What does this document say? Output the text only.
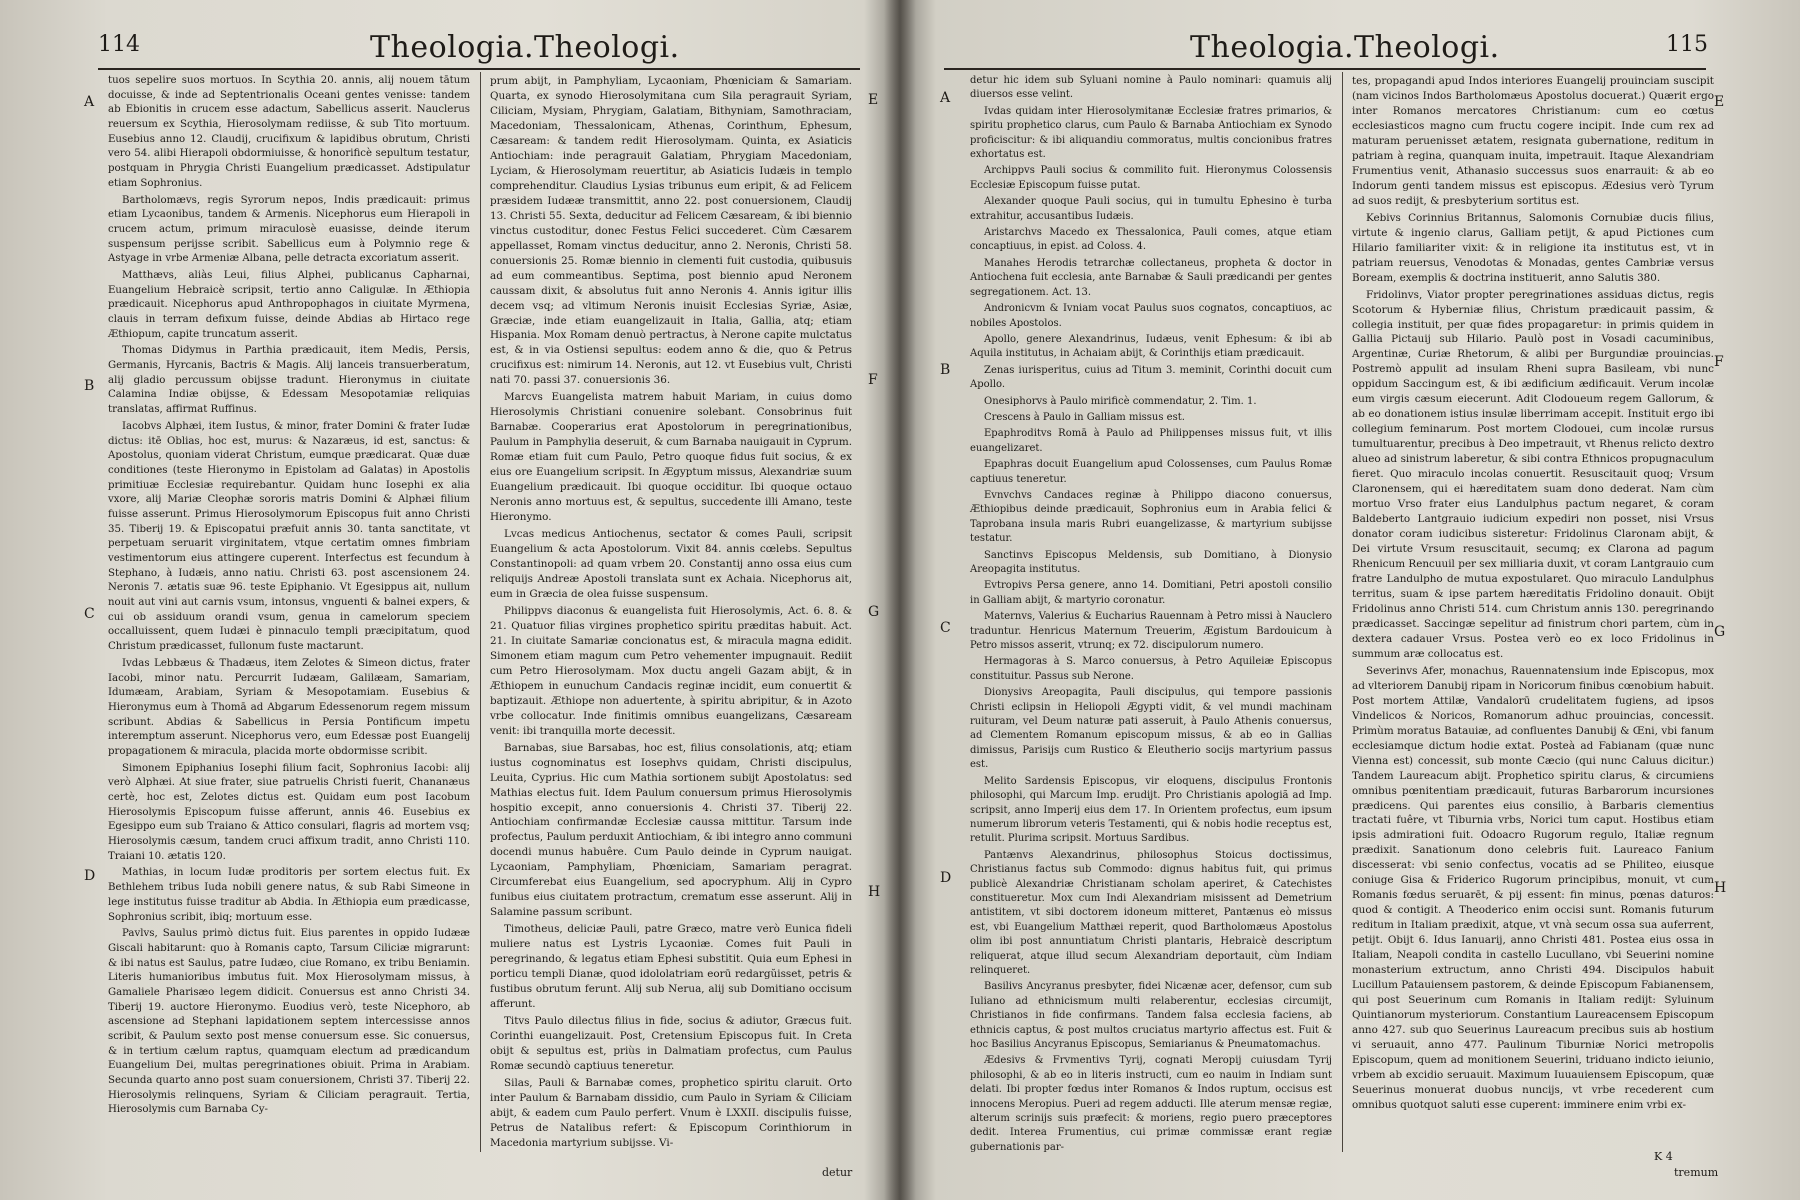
114	Theologia.Theologi.
A
B
C
D
E
F
G
H

tuos sepelire suos mortuos. In Scythia 20. annis, alij nouem tātum docuisse, & inde ad Septentrionalis Oceani gentes venisse: tandem ab Ebionitis in crucem esse adactum, Sabellicus asserit. Nauclerus reuersum ex Scythia, Hierosolymam rediisse, & sub Tito mortuum. Eusebius anno 12. Claudij, crucifixum & lapidibus obrutum, Christi vero 54. alibi Hierapoli obdormiuisse, & honorificè sepultum testatur, postquam in Phrygia Christi Euangelium prædicasset. Adstipulatur etiam Sophronius.

Bartholomævs, regis Syrorum nepos, Indis prædicauit: primus etiam Lycaonibus, tandem & Armenis. Nicephorus eum Hierapoli in crucem actum, primum miraculosè euasisse, deinde iterum suspensum perijsse scribit. Sabellicus eum à Polymnio rege & Astyage in vrbe Armeniæ Albana, pelle detracta excoriatum asserit.

Matthævs, aliàs Leui, filius Alphei, publicanus Capharnai, Euangelium Hebraicè scripsit, tertio anno Caligulæ. In Æthiopia prædicauit. Nicephorus apud Anthropophagos in ciuitate Myrmena, clauis in terram defixum fuisse, deinde Abdias ab Hirtaco rege Æthiopum, capite truncatum asserit.

Thomas Didymus in Parthia prædicauit, item Medis, Persis, Germanis, Hyrcanis, Bactris & Magis. Alij lanceis transuerberatum, alij gladio percussum obijsse tradunt. Hieronymus in ciuitate Calamina Indiæ obijsse, & Edessam Mesopotamiæ reliquias translatas, affirmat Ruffinus.

Iacobvs Alphæi, item Iustus, & minor, frater Domini & frater Iudæ dictus: itē Oblias, hoc est, murus: & Nazaræus, id est, sanctus: & Apostolus, quoniam viderat Christum, eumque prædicarat. Quæ duæ conditiones (teste Hieronymo in Epistolam ad Galatas) in Apostolis primitiuæ Ecclesiæ requirebantur. Quidam hunc Iosephi ex alia vxore, alij Mariæ Cleophæ sororis matris Domini & Alphæi filium fuisse asserunt. Primus Hierosolymorum Episcopus fuit anno Christi 35. Tiberij 19. & Episcopatui præfuit annis 30. tanta sanctitate, vt perpetuam seruarit virginitatem, vtque certatim omnes fimbriam vestimentorum eius attingere cuperent. Interfectus est fecundum à Stephano, à Iudæis, anno natiu. Christi 63. post ascensionem 24. Neronis 7. ætatis suæ 96. teste Epiphanio. Vt Egesippus ait, nullum nouit aut vini aut carnis vsum, intonsus, vnguenti & balnei expers, & cui ob assiduum orandi vsum, genua in camelorum speciem occalluissent, quem Iudæi è pinnaculo templi præcipitatum, quod Christum prædicasset, fullonum fuste mactarunt.

Ivdas Lebbæus & Thadæus, item Zelotes & Simeon dictus, frater Iacobi, minor natu. Percurrit Iudæam, Galilæam, Samariam, Idumæam, Arabiam, Syriam & Mesopotamiam. Eusebius & Hieronymus eum à Thomā ad Abgarum Edessenorum regem missum scribunt. Abdias & Sabellicus in Persia Pontificum impetu interemptum asserunt. Nicephorus vero, eum Edessæ post Euangelij propagationem & miracula, placida morte obdormisse scribit.

Simonem Epiphanius Iosephi filium facit, Sophronius Iacobi: alij verò Alphæi. At siue frater, siue patruelis Christi fuerit, Chananæus certè, hoc est, Zelotes dictus est. Quidam eum post Iacobum Hierosolymis Episcopum fuisse afferunt, annis 46. Eusebius ex Egesippo eum sub Traiano & Attico consulari, flagris ad mortem vsq; Hierosolymis cæsum, tandem cruci affixum tradit, anno Christi 110. Traiani 10. ætatis 120.

Mathias, in locum Iudæ proditoris per sortem electus fuit. Ex Bethlehem tribus Iuda nobili genere natus, & sub Rabi Simeone in lege institutus fuisse traditur ab Abdia. In Æthiopia eum prædicasse, Sophronius scribit, ibiq; mortuum esse.

Pavlvs, Saulus primò dictus fuit. Eius parentes in oppido Iudææ Giscali habitarunt: quo à Romanis capto, Tarsum Ciliciæ migrarunt: & ibi natus est Saulus, patre Iudæo, ciue Romano, ex tribu Beniamin. Literis humanioribus imbutus fuit. Mox Hierosolymam missus, à Gamaliele Pharisæo legem didicit. Conuersus est anno Christi 34. Tiberij 19. auctore Hieronymo. Euodius verò, teste Nicephoro, ab ascensione ad Stephani lapidationem septem intercessisse annos scribit, & Paulum sexto post mense conuersum esse. Sic conuersus, & in tertium cælum raptus, quamquam electum ad prædicandum Euangelium Dei, multas peregrinationes obiuit. Prima in Arabiam. Secunda quarto anno post suam conuersionem, Christi 37. Tiberij 22. Hierosolymis relinquens, Syriam & Ciliciam peragrauit. Tertia, Hierosolymis cum Barnaba Cy-

prum abijt, in Pamphyliam, Lycaoniam, Phœniciam & Samariam. Quarta, ex synodo Hierosolymitana cum Sila peragrauit Syriam, Ciliciam, Mysiam, Phrygiam, Galatiam, Bithyniam, Samothraciam, Macedoniam, Thessalonicam, Athenas, Corinthum, Ephesum, Cæsaream: & tandem redit Hierosolymam. Quinta, ex Asiaticis Antiochiam: inde peragrauit Galatiam, Phrygiam Macedoniam, Lyciam, & Hierosolymam reuertitur, ab Asiaticis Iudæis in templo comprehenditur. Claudius Lysias tribunus eum eripit, & ad Felicem præsidem Iudææ transmittit, anno 22. post conuersionem, Claudij 13. Christi 55. Sexta, deducitur ad Felicem Cæsaream, & ibi biennio vinctus custoditur, donec Festus Felici succederet. Cùm Cæsarem appellasset, Romam vinctus deducitur, anno 2. Neronis, Christi 58. conuersionis 25. Romæ biennio in clementi fuit custodia, quibusuis ad eum commeantibus. Septima, post biennio apud Neronem caussam dixit, & absolutus fuit anno Neronis 4. Annis igitur illis decem vsq; ad vltimum Neronis inuisit Ecclesias Syriæ, Asiæ, Græciæ, inde etiam euangelizauit in Italia, Gallia, atq; etiam Hispania. Mox Romam denuò pertractus, à Nerone capite mulctatus est, & in via Ostiensi sepultus: eodem anno & die, quo & Petrus crucifixus est: nimirum 14. Neronis, aut 12. vt Eusebius vult, Christi nati 70. passi 37. conuersionis 36.

Marcvs Euangelista matrem habuit Mariam, in cuius domo Hierosolymis Christiani conuenire solebant. Consobrinus fuit Barnabæ. Cooperarius erat Apostolorum in peregrinationibus, Paulum in Pamphylia deseruit, & cum Barnaba nauigauit in Cyprum. Romæ etiam fuit cum Paulo, Petro quoque fidus fuit socius, & ex eius ore Euangelium scripsit. In Ægyptum missus, Alexandriæ suum Euangelium prædicauit. Ibi quoque occiditur. Ibi quoque octauo Neronis anno mortuus est, & sepultus, succedente illi Amano, teste Hieronymo.

Lvcas medicus Antiochenus, sectator & comes Pauli, scripsit Euangelium & acta Apostolorum. Vixit 84. annis cœlebs. Sepultus Constantinopoli: ad quam vrbem 20. Constantij anno ossa eius cum reliquijs Andreæ Apostoli translata sunt ex Achaia. Nicephorus ait, eum in Græcia de olea fuisse suspensum.

Philippvs diaconus & euangelista fuit Hierosolymis, Act. 6. 8. & 21. Quatuor filias virgines prophetico spiritu præditas habuit. Act. 21. In ciuitate Samariæ concionatus est, & miracula magna edidit. Simonem etiam magum cum Petro vehementer impugnauit. Rediit cum Petro Hierosolymam. Mox ductu angeli Gazam abijt, & in Æthiopem in eunuchum Candacis reginæ incidit, eum conuertit & baptizauit. Æthiope non aduertente, à spiritu abripitur, & in Azoto vrbe collocatur. Inde finitimis omnibus euangelizans, Cæsaream venit: ibi tranquilla morte decessit.

Barnabas, siue Barsabas, hoc est, filius consolationis, atq; etiam iustus cognominatus est Iosephvs quidam, Christi discipulus, Leuita, Cyprius. Hic cum Mathia sortionem subijt Apostolatus: sed Mathias electus fuit. Idem Paulum conuersum primus Hierosolymis hospitio excepit, anno conuersionis 4. Christi 37. Tiberij 22. Antiochiam confirmandæ Ecclesiæ caussa mittitur. Tarsum inde profectus, Paulum perduxit Antiochiam, & ibi integro anno communi docendi munus habuêre. Cum Paulo deinde in Cyprum nauigat. Lycaoniam, Pamphyliam, Phœniciam, Samariam peragrat. Circumferebat eius Euangelium, sed apocryphum. Alij in Cypro funibus eius ciuitatem protractum, crematum esse asserunt. Alij in Salamine passum scribunt.

Timotheus, deliciæ Pauli, patre Græco, matre verò Eunica fideli muliere natus est Lystris Lycaoniæ. Comes fuit Pauli in peregrinando, & legatus etiam Ephesi substitit. Quia eum Ephesi in porticu templi Dianæ, quod idololatriam eorū redargŭisset, petris & fustibus obrutum ferunt. Alij sub Nerua, alij sub Domitiano occisum afferunt.

Titvs Paulo dilectus filius in fide, socius & adiutor, Græcus fuit. Corinthi euangelizauit. Post, Cretensium Episcopus fuit. In Creta obijt & sepultus est, priùs in Dalmatiam profectus, cum Paulus Romæ secundò captiuus teneretur.

Silas, Pauli & Barnabæ comes, prophetico spiritu claruit. Orto inter Paulum & Barnabam dissidio, cum Paulo in Syriam & Ciliciam abijt, & eadem cum Paulo perfert. Vnum è LXXII. discipulis fuisse, Petrus de Natalibus refert: & Episcopum Corinthiorum in Macedonia martyrium subijsse. Vi-

detur
Theologia.Theologi.	115
A
B
C
D
E
F
G
H

detur hic idem sub Syluani nomine à Paulo nominari: quamuis alij diuersos esse velint.

Ivdas quidam inter Hierosolymitanæ Ecclesiæ fratres primarios, & spiritu prophetico clarus, cum Paulo & Barnaba Antiochiam ex Synodo proficiscitur: & ibi aliquandiu commoratus, multis concionibus fratres exhortatus est.

Archippvs Pauli socius & commilito fuit. Hieronymus Colossensis Ecclesiæ Episcopum fuisse putat.

Alexander quoque Pauli socius, qui in tumultu Ephesino è turba extrahitur, accusantibus Iudæis.

Aristarchvs Macedo ex Thessalonica, Pauli comes, atque etiam concaptiuus, in epist. ad Coloss. 4.

Manahes Herodis tetrarchæ collectaneus, propheta & doctor in Antiochena fuit ecclesia, ante Barnabæ & Sauli prædicandi per gentes segregationem. Act. 13.

Andronicvm & Ivniam vocat Paulus suos cognatos, concaptiuos, ac nobiles Apostolos.

Apollo, genere Alexandrinus, Iudæus, venit Ephesum: & ibi ab Aquila institutus, in Achaiam abijt, & Corinthijs etiam prædicauit.

Zenas iurisperitus, cuius ad Titum 3. meminit, Corinthi docuit cum Apollo.

Onesiphorvs à Paulo mirificè commendatur, 2. Tim. 1.

Crescens à Paulo in Galliam missus est.

Epaphroditvs Romā à Paulo ad Philippenses missus fuit, vt illis euangelizaret.

Epaphras docuit Euangelium apud Colossenses, cum Paulus Romæ captiuus teneretur.

Evnvchvs Candaces reginæ à Philippo diacono conuersus, Æthiopibus deinde prædicauit, Sophronius eum in Arabia felici & Taprobana insula maris Rubri euangelizasse, & martyrium subijsse testatur.

Sanctinvs Episcopus Meldensis, sub Domitiano, à Dionysio Areopagita institutus.

Evtropivs Persa genere, anno 14. Domitiani, Petri apostoli consilio in Galliam abijt, & martyrio coronatur.

Maternvs, Valerius & Eucharius Rauennam à Petro missi à Nauclero traduntur. Henricus Maternum Treuerim, Ægistum Bardouicum à Petro missos asserit, vtrunq; ex 72. discipulorum numero.

Hermagoras à S. Marco conuersus, à Petro Aquileiæ Episcopus constituitur. Passus sub Nerone.

Dionysivs Areopagita, Pauli discipulus, qui tempore passionis Christi eclipsin in Heliopoli Ægypti vidit, & vel mundi machinam ruituram, vel Deum naturæ pati asseruit, à Paulo Athenis conuersus, ad Clementem Romanum episcopum missus, & ab eo in Gallias dimissus, Parisijs cum Rustico & Eleutherio socijs martyrium passus est.

Melito Sardensis Episcopus, vir eloquens, discipulus Frontonis philosophi, qui Marcum Imp. erudijt. Pro Christianis apologiã ad Imp. scripsit, anno Imperij eius dem 17. In Orientem profectus, eum ipsum numerum librorum veteris Testamenti, qui & nobis hodie receptus est, retulit. Plurima scripsit. Mortuus Sardibus.

Pantænvs Alexandrinus, philosophus Stoicus doctissimus, Christianus factus sub Commodo: dignus habitus fuit, qui primus publicè Alexandriæ Christianam scholam aperiret, & Catechistes constitueretur. Mox cum Indi Alexandriam misissent ad Demetrium antistitem, vt sibi doctorem idoneum mitteret, Pantænus eò missus est, vbi Euangelium Matthæi reperit, quod Bartholomæus Apostolus olim ibi post annuntiatum Christi plantaris, Hebraicè descriptum reliquerat, atque illud secum Alexandriam deportauit, cùm Indiam relinqueret.

Basilivs Ancyranus presbyter, fidei Nicænæ acer, defensor, cum sub Iuliano ad ethnicismum multi relaberentur, ecclesias circumijt, Christianos in fide confirmans. Tandem falsa ecclesia faciens, ab ethnicis captus, & post multos cruciatus martyrio affectus est. Fuit & hoc Basilius Ancyranus Episcopus, Semiarianus & Pneumatomachus.

Ædesivs & Frvmentivs Tyrij, cognati Meropij cuiusdam Tyrij philosophi, & ab eo in literis instructi, cum eo nauim in Indiam sunt delati. Ibi propter fœdus inter Romanos & Indos ruptum, occisus est innocens Meropius. Pueri ad regem adducti. Ille aterum mensæ regiæ, alterum scrinijs suis præfecit: & moriens, regio puero præceptores dedit. Interea Frumentius, cui primæ commissæ erant regiæ gubernationis par-

tes, propagandi apud Indos interiores Euangelij prouinciam suscipit (nam vicinos Indos Bartholomæus Apostolus docuerat.) Quærit ergo inter Romanos mercatores Christianum: cum eo cœtus ecclesiasticos magno cum fructu cogere incipit. Inde cum rex ad maturam peruenisset ætatem, resignata gubernatione, reditum in patriam à regina, quanquam inuita, impetrauit. Itaque Alexandriam Frumentius venit, Athanasio successus suos enarrauit: & ab eo Indorum genti tandem missus est episcopus. Ædesius verò Tyrum ad suos redijt, & presbyterium sortitus est.

Kebivs Corinnius Britannus, Salomonis Cornubiæ ducis filius, virtute & ingenio clarus, Galliam petijt, & apud Pictiones cum Hilario familiariter vixit: & in religione ita institutus est, vt in patriam reuersus, Venodotas & Monadas, gentes Cambriæ versus Boream, exemplis & doctrina instituerit, anno Salutis 380.

Fridolinvs, Viator propter peregrinationes assiduas dictus, regis Scotorum & Hyberniæ filius, Christum prædicauit passim, & collegia instituit, per quæ fides propagaretur: in primis quidem in Gallia Pictauij sub Hilario. Paulò post in Vosadi cacuminibus, Argentinæ, Curiæ Rhetorum, & alibi per Burgundiæ prouincias. Postremò appulit ad insulam Rheni supra Basileam, vbi nunc oppidum Saccingum est, & ibi ædificium ædificauit. Verum incolæ eum virgis cæsum eiecerunt. Adit Clodoueum regem Gallorum, & ab eo donationem istius insulæ liberrimam accepit. Instituit ergo ibi collegium feminarum. Post mortem Clodouei, cum incolæ rursus tumultuarentur, precibus à Deo impetrauit, vt Rhenus relicto dextro alueo ad sinistrum laberetur, & sibi contra Ethnicos propugnaculum fieret. Quo miraculo incolas conuertit. Resuscitauit quoq; Vrsum Claronensem, qui ei hæreditatem suam dono dederat. Nam cùm mortuo Vrso frater eius Landulphus pactum negaret, & coram Baldeberto Lantgrauio iudicium expediri non posset, nisi Vrsus donator coram iudicibus sisteretur: Fridolinus Claronam abijt, & Dei virtute Vrsum resuscitauit, secumq; ex Clarona ad pagum Rhenicum Rencuuil per sex milliaria duxit, vt coram Lantgrauio cum fratre Landulpho de mutua expostularet. Quo miraculo Landulphus territus, suam & ipse partem hæreditatis Fridolino donauit. Obijt Fridolinus anno Christi 514. cum Christum annis 130. peregrinando prædicasset. Saccingæ sepelitur ad finistrum chori partem, cùm in dextera cadauer Vrsus. Postea verò eo ex loco Fridolinus in summum aræ collocatus est.

Severinvs Afer, monachus, Rauennatensium inde Episcopus, mox ad vlteriorem Danubij ripam in Noricorum finibus cœnobium habuit. Post mortem Attilæ, Vandalorū crudelitatem fugiens, ad ipsos Vindelicos & Noricos, Romanorum adhuc prouincias, concessit. Primùm moratus Batauiæ, ad confluentes Danubij & Œni, vbi fanum ecclesiamque dictum hodie extat. Posteà ad Fabianam (quæ nunc Vienna est) concessit, sub monte Cæcio (qui nunc Caluus dicitur.) Tandem Laureacum abijt. Prophetico spiritu clarus, & circumiens omnibus pœnitentiam prædicauit, futuras Barbarorum incursiones prædicens. Qui parentes eius consilio, à Barbaris clementius tractati fuêre, vt Tiburnia vrbs, Norici tum caput. Hostibus etiam ipsis admirationi fuit. Odoacro Rugorum regulo, Italiæ regnum prædixit. Sanationum dono celebris fuit. Laureaco Fanium discesserat: vbi senio confectus, vocatis ad se Philiteo, eiusque coniuge Gisa & Friderico Rugorum principibus, monuit, vt cum Romanis fœdus seruarēt, & pij essent: fin minus, pœnas daturos: quod & contigit. A Theoderico enim occisi sunt. Romanis futurum reditum in Italiam prædixit, atque, vt vnà secum ossa sua auferrent, petijt. Obijt 6. Idus Ianuarij, anno Christi 481. Postea eius ossa in Italiam, Neapoli condita in castello Lucullano, vbi Seuerini nomine monasterium extructum, anno Christi 494. Discipulos habuit Lucillum Patauiensem pastorem, & deinde Episcopum Fabianensem, qui post Seuerinum cum Romanis in Italiam redijt: Syluinum Quintianorum mysteriorum. Constantium Laureacensem Episcopum anno 427. sub quo Seuerinus Laureacum precibus suis ab hostium vi seruauit, anno 477. Paulinum Tiburniæ Norici metropolis Episcopum, quem ad monitionem Seuerini, triduano indicto ieiunio, vrbem ab excidio seruauit. Maximum Iuuauiensem Episcopum, quæ Seuerinus monuerat duobus nuncijs, vt vrbe recederent cum omnibus quotquot saluti esse cuperent: imminere enim vrbi ex-

K 4
tremum
